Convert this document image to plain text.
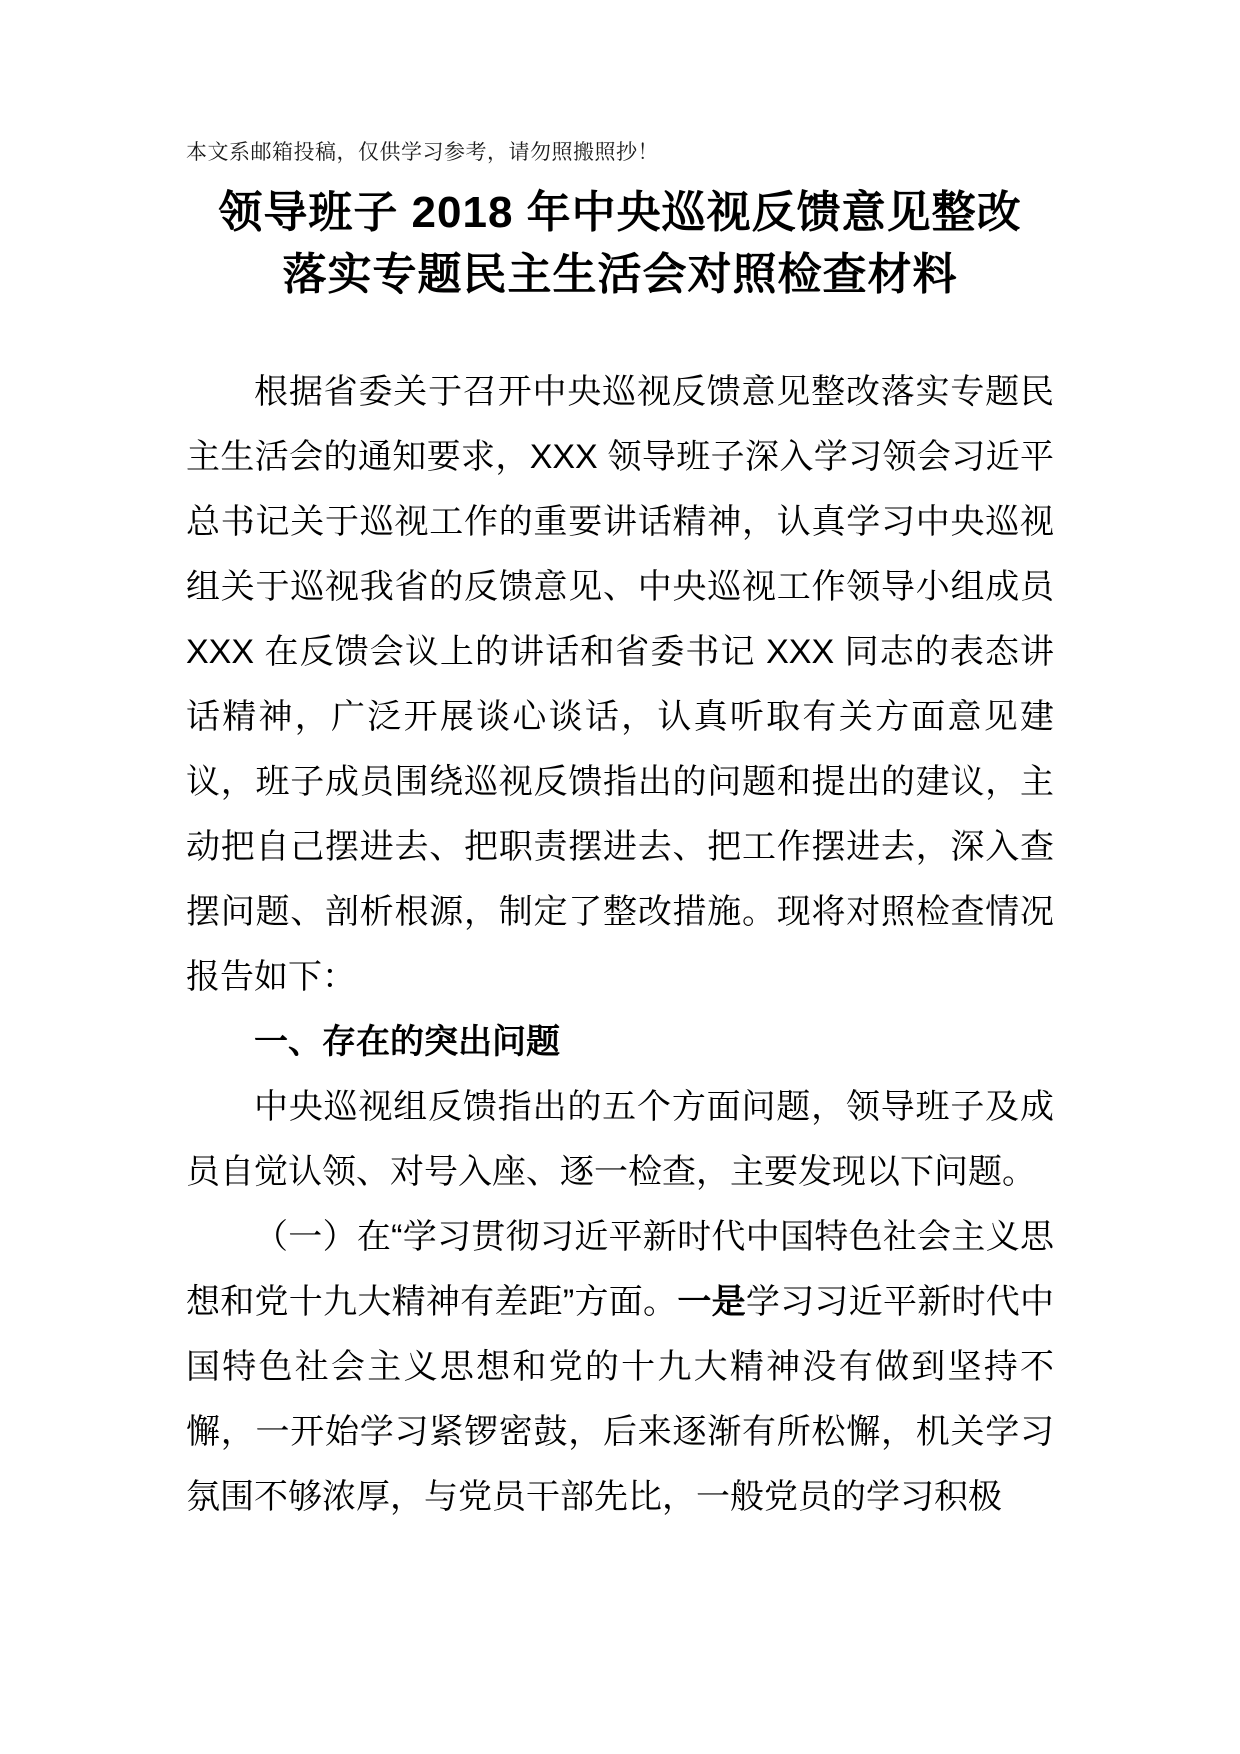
本文系邮箱投稿，仅供学习参考，请勿照搬照抄！
领导班子 2018 年中央巡视反馈意见整改
落实专题民主生活会对照检查材料

根据省委关于召开中央巡视反馈意见整改落实专题民主生活会的通知要求，XXX 领导班子深入学习领会习近平总书记关于巡视工作的重要讲话精神，认真学习中央巡视组关于巡视我省的反馈意见、中央巡视工作领导小组成员 XXX 在反馈会议上的讲话和省委书记 XXX 同志的表态讲话精神，广泛开展谈心谈话，认真听取有关方面意见建议，班子成员围绕巡视反馈指出的问题和提出的建议，主动把自己摆进去、把职责摆进去、把工作摆进去，深入查摆问题、剖析根源，制定了整改措施。现将对照检查情况报告如下：

一、存在的突出问题

中央巡视组反馈指出的五个方面问题，领导班子及成员自觉认领、对号入座、逐一检查，主要发现以下问题。

（一）在“学习贯彻习近平新时代中国特色社会主义思想和党十九大精神有差距”方面。一是学习习近平新时代中国特色社会主义思想和党的十九大精神没有做到坚持不懈，一开始学习紧锣密鼓，后来逐渐有所松懈，机关学习氛围不够浓厚，与党员干部先比，一般党员的学习积极
